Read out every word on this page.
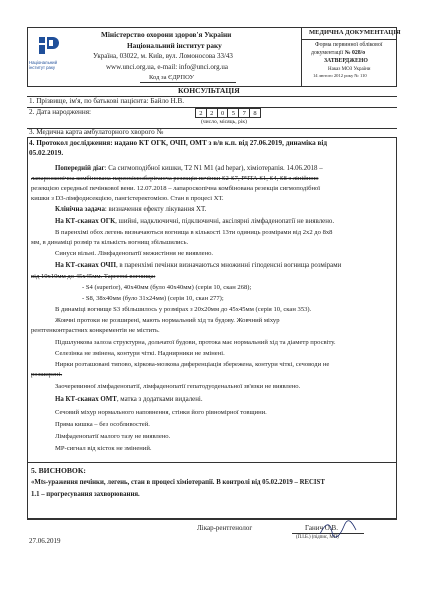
Національний інститут раку
Міністерство охорони здоров'я України
Національний інститут раку
Україна, 03022, м. Київ, вул. Ломоносова 33/43
www.unci.org.ua, e-mail: info@unci.org.ua
Код за ЄДРПОУ
МЕДИЧНА ДОКУМЕНТАЦІЯ
Форма первинної облікової
документації № 028/о
ЗАТВЕРДЖЕНО
Наказ МОЗ України
14 лютого 2012 року № 110
КОНСУЛЬТАЦІЯ
1. Прізвище, ім'я, по батькові пацієнта: Байло Н.В.
2. Дата народження:	2	2	0	5	7	8
(число, місяць, рік)
3. Медична карта амбулаторного хворого №
4. Протокол дослідження: надано КТ ОГК, ОЧП, ОМТ з в/в к.п. від 27.06.2019, динаміка від
05.02.2019.
Попередній діаг: Са сигмоподібної кишки, T2 N1 M1 (ad hepar), хіміотерапія. 14.06.2018 –
лапароскопічна комбінована паренхімозберігаюча резекція печінки S2-S7, РЧТА S1, S4, S8 з лінійною
резекцією середньої печінкової вени. 12.07.2018 – лапароскопічна комбінована резекція сигмоподібної
кишки з D3-лімфодисекцією, пангістеректомією. Стан в процесі ХТ.
Клінічна задача: визначення ефекту лікування ХТ.
На КТ-сканах ОГК, шийні, надключичні, підключичні, аксілярні лімфаденопатії не виявлено.
В паренхімі обох легень визначаються вогнища в кількості 13ти одиниць розмірами від 2х2 до 8х8
мм, в динаміці розмір та кількість вогнищ збільшились.
Синуси вільні. Лімфаденопатії межистіння не виявлено.
На КТ-сканах ОЧП, в паренхімі печінки визначаються множинні гіподенсні вогнища розмірами
від 10х10мм до 45х45мм. Таргетні вогнища:
- S4 (superior), 40x40мм (було 40х40мм) (серія 10, скан 268);
- S8, 38х40мм (було 31x24мм) (серія 10, скан 277);
В динаміці вогнище S3 збільшилось у розмірах з 20х20мм до 45х45мм (серія 10, скан 353).
Жовчні протоки не розширені, мають нормальний хід та будову. Жовчний міхур
рентгенконтрастних конкрементів не містить.
Підшлункова залоза структурна, дольчатої будови, протока має нормальний хід та діаметр просвіту.
Селезінка не змінена, контури чіткі. Наднирники не змінені.
Нирки розташовані типово, кіркова-мозкова диференціація збережена, контури чіткі, сечоводи не
розширені.
Заочеревинної лімфаденопатії, лімфаденопатії гепатодуоденальної зв'язки не виявлено.
На КТ-сканах ОМТ, матка з додатками видалені.
Сечовий міхур нормального наповнення, стінки його рівномірної товщини.
Пряма кишка – без особливостей.
Лімфаденопатії малого тазу не виявлено.
МР-сигнал від кісток не змінений.
5. ВИСНОВОК:
«Мts-ураження печінки, легень, стан в процесі хіміотерапії. В контролі від 05.02.2019 – RECIST
1.1 – прогресування захворювання.
Лікар-рентгенолог	Ганич О.В.
(П.І.Б.) (підпис, МП)
27.06.2019
